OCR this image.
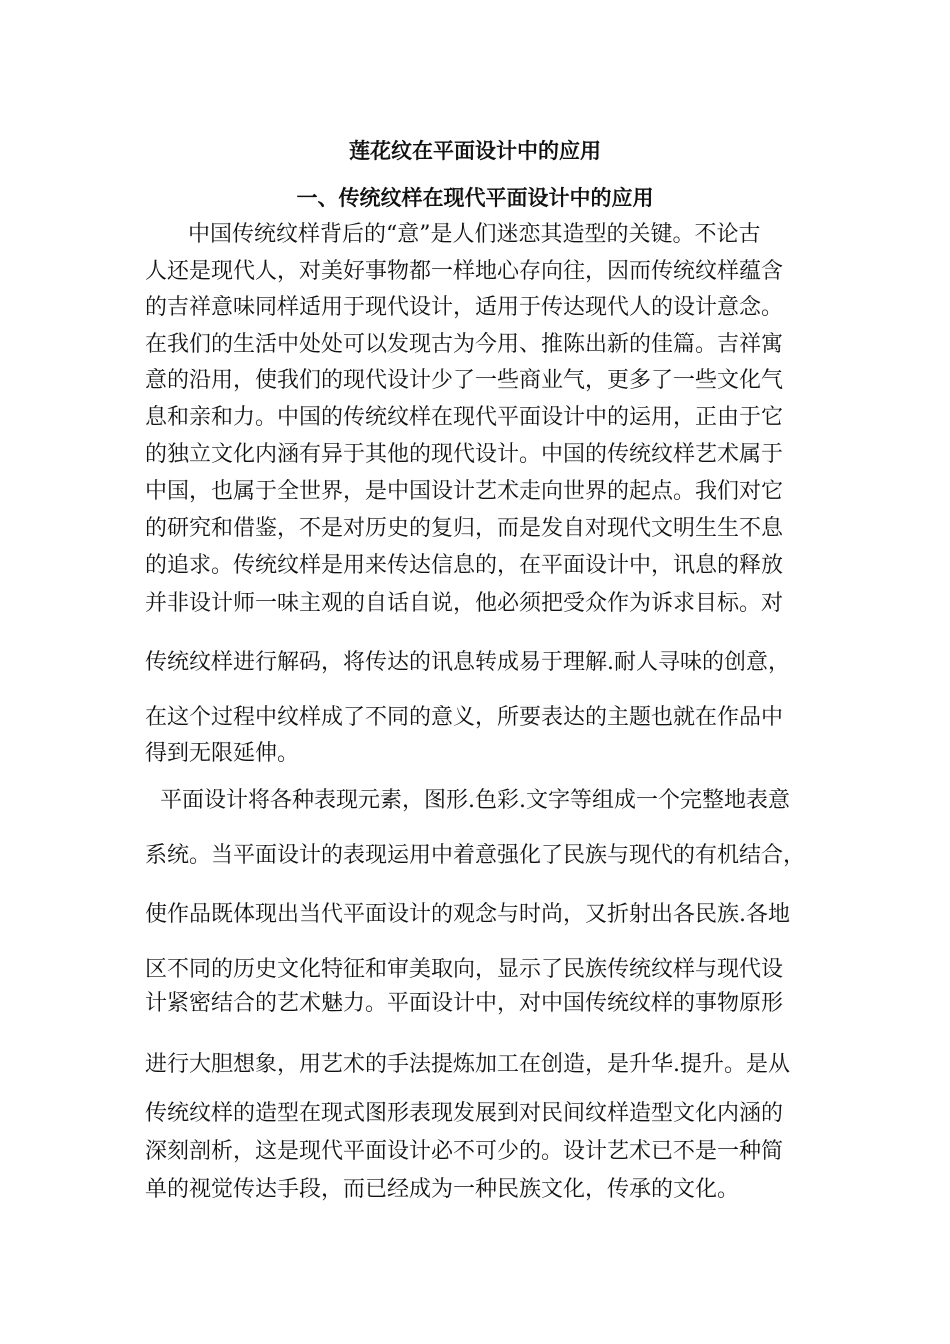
莲花纹在平面设计中的应用
一、传统纹样在现代平面设计中的应用

中国传统纹样背后的“意”是人们迷恋其造型的关键。不论古

人还是现代人，对美好事物都一样地心存向往，因而传统纹样蕴含

的吉祥意味同样适用于现代设计，适用于传达现代人的设计意念。

在我们的生活中处处可以发现古为今用、推陈出新的佳篇。吉祥寓

意的沿用，使我们的现代设计少了一些商业气，更多了一些文化气

息和亲和力。中国的传统纹样在现代平面设计中的运用，正由于它

的独立文化内涵有异于其他的现代设计。中国的传统纹样艺术属于

中国，也属于全世界，是中国设计艺术走向世界的起点。我们对它

的研究和借鉴，不是对历史的复归，而是发自对现代文明生生不息

的追求。传统纹样是用来传达信息的，在平面设计中，讯息的释放

并非设计师一味主观的自话自说，他必须把受众作为诉求目标。对

传统纹样进行解码，将传达的讯息转成易于理解.耐人寻味的创意，

在这个过程中纹样成了不同的意义，所要表达的主题也就在作品中

得到无限延伸。

平面设计将各种表现元素，图形.色彩.文字等组成一个完整地表意

系统。当平面设计的表现运用中着意强化了民族与现代的有机结合，

使作品既体现出当代平面设计的观念与时尚，又折射出各民族.各地

区不同的历史文化特征和审美取向，显示了民族传统纹样与现代设

计紧密结合的艺术魅力。平面设计中，对中国传统纹样的事物原形

进行大胆想象，用艺术的手法提炼加工在创造，是升华.提升。是从

传统纹样的造型在现式图形表现发展到对民间纹样造型文化内涵的

深刻剖析，这是现代平面设计必不可少的。设计艺术已不是一种简

单的视觉传达手段，而已经成为一种民族文化，传承的文化。
